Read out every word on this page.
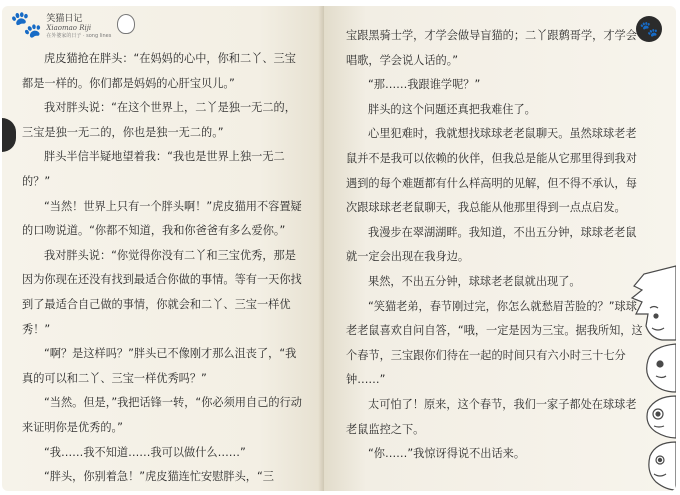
🐾 笑猫日记
Xiaomao Riji
在外婆家的日子 · song lines

虎皮猫抢在胖头：“在妈妈的心中，你和二丫、三宝都是一样的。你们都是妈妈的心肝宝贝儿。”

我对胖头说：“在这个世界上，二丫是独一无二的，三宝是独一无二的，你也是独一无二的。”

胖头半信半疑地望着我：“我也是世界上独一无二的？”

“当然！世界上只有一个胖头啊！”虎皮猫用不容置疑的口吻说道。“你都不知道，我和你爸爸有多么爱你。”

我对胖头说：“你觉得你没有二丫和三宝优秀，那是因为你现在还没有找到最适合你做的事情。等有一天你找到了最适合自己做的事情，你就会和二丫、三宝一样优秀！”

“啊？是这样吗？”胖头已不像刚才那么沮丧了，“我真的可以和二丫、三宝一样优秀吗？”

“当然。但是，”我把话锋一转，“你必须用自己的行动来证明你是优秀的。”

“我……我不知道……我可以做什么……”

“胖头，你别着急！”虎皮猫连忙安慰胖头，“三

🐾

宝跟黑骑士学，才学会做导盲猫的；二丫跟鹩哥学，才学会唱歌，学会说人话的。”

“那……我跟谁学呢？”

胖头的这个问题还真把我难住了。

心里犯难时，我就想找球球老老鼠聊天。虽然球球老老鼠并不是我可以依赖的伙伴，但我总是能从它那里得到我对遇到的每个难题都有什么样高明的见解，但不得不承认，每次跟球球老老鼠聊天，我总能从他那里得到一点点启发。

我漫步在翠湖湖畔。我知道，不出五分钟，球球老老鼠就一定会出现在我身边。

果然，不出五分钟，球球老老鼠就出现了。

“笑猫老弟，春节刚过完，你怎么就愁眉苦脸的？”球球老老鼠喜欢自问自答，“哦，一定是因为三宝。据我所知，这个春节，三宝跟你们待在一起的时间只有六小时三十七分钟……”

太可怕了！原来，这个春节，我们一家子都处在球球老老鼠监控之下。

“你……”我惊讶得说不出话来。
